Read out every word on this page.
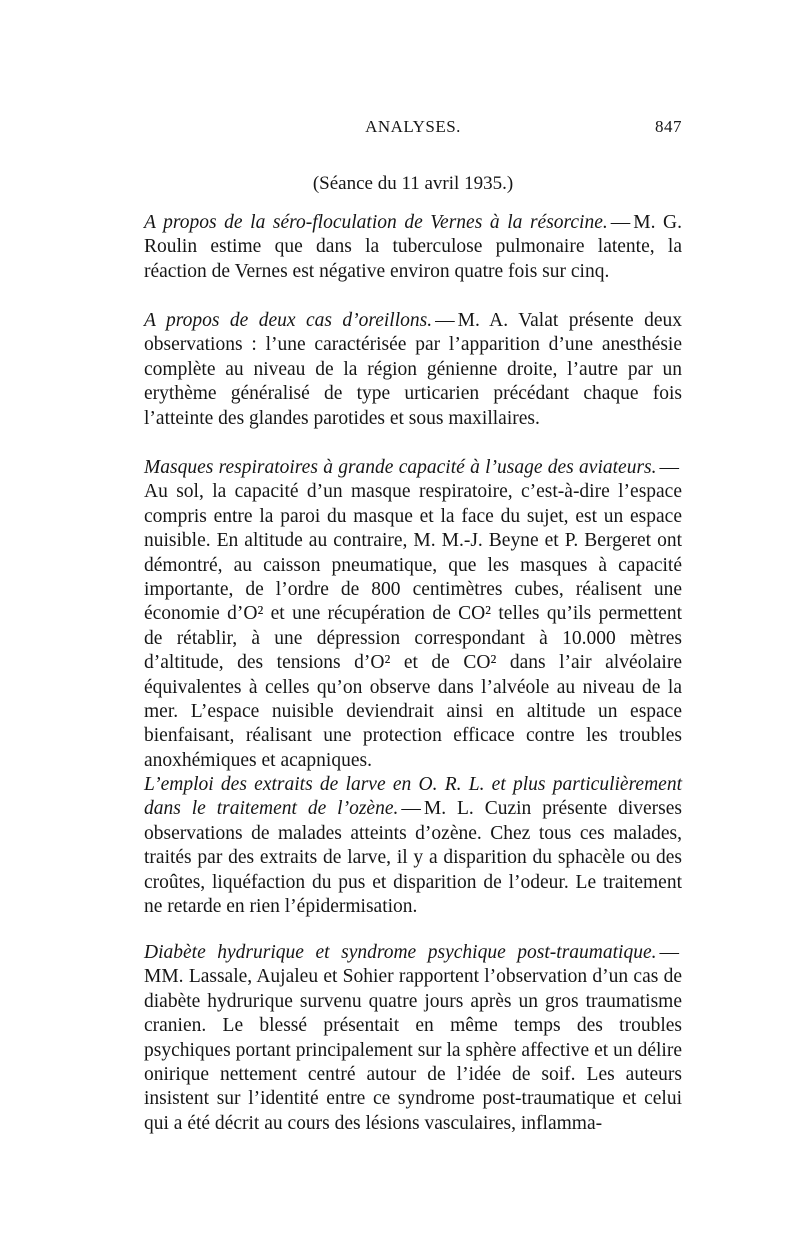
ANALYSES.	847
(Séance du 11 avril 1935.)

A propos de la séro-floculation de Vernes à la résorcine. — M. G. Roulin estime que dans la tuberculose pulmonaire latente, la réaction de Vernes est négative environ quatre fois sur cinq.

A propos de deux cas d’oreillons. — M. A. Valat présente deux observations : l’une caractérisée par l’apparition d’une anesthésie complète au niveau de la région génienne droite, l’autre par un erythème généralisé de type urticarien précédant chaque fois l’atteinte des glandes parotides et sous maxillaires.

Masques respiratoires à grande capacité à l’usage des aviateurs. —Au sol, la capacité d’un masque respiratoire, c’est-à-dire l’espace compris entre la paroi du masque et la face du sujet, est un espace nuisible. En altitude au contraire, M. M.-J. Beyne et P. Bergeret ont démontré, au caisson pneumatique, que les masques à capacité importante, de l’ordre de 800 centimètres cubes, réalisent une économie d’O² et une récupération de CO² telles qu’ils permettent de rétablir, à une dépression correspondant à 10.000 mètres d’altitude, des tensions d’O² et de CO² dans l’air alvéolaire équivalentes à celles qu’on observe dans l’alvéole au niveau de la mer. L’espace nuisible deviendrait ainsi en altitude un espace bienfaisant, réalisant une protection efficace contre les troubles anoxhémiques et acapniques.

L’emploi des extraits de larve en O. R. L. et plus particulièrement dans le traitement de l’ozène. — M. L. Cuzin présente diverses observations de malades atteints d’ozène. Chez tous ces malades, traités par des extraits de larve, il y a disparition du sphacèle ou des croûtes, liquéfaction du pus et disparition de l’odeur. Le traitement ne retarde en rien l’épidermisation.

Diabète hydrurique et syndrome psychique post-traumatique. —MM. Lassale, Aujaleu et Sohier rapportent l’observation d’un cas de diabète hydrurique survenu quatre jours après un gros traumatisme cranien. Le blessé présentait en même temps des troubles psychiques portant principalement sur la sphère affective et un délire onirique nettement centré autour de l’idée de soif. Les auteurs insistent sur l’identité entre ce syndrome post-traumatique et celui qui a été décrit au cours des lésions vasculaires, inflamma-
